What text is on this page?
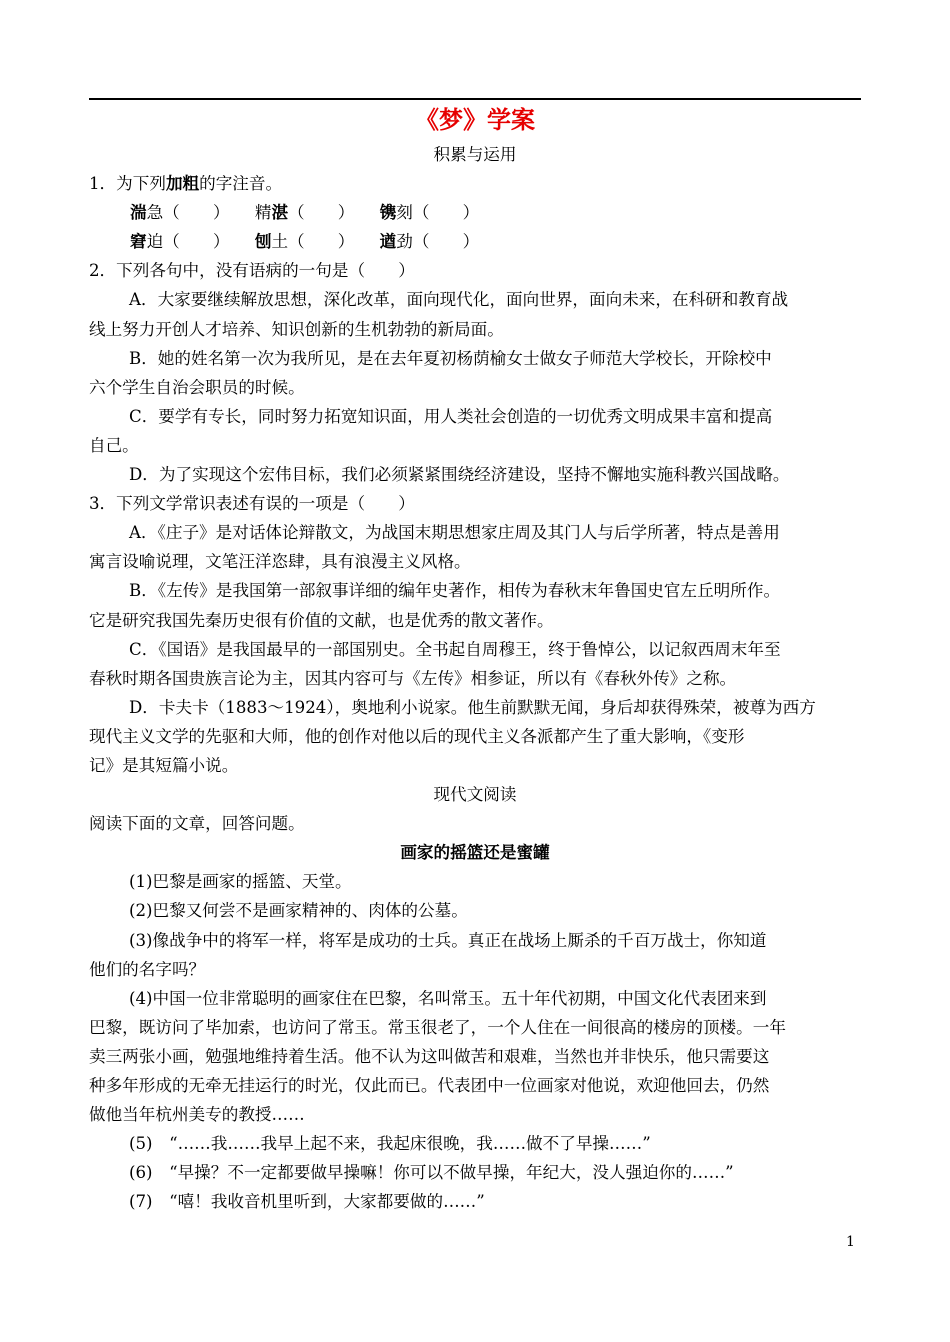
《梦》学案
积累与运用
1．为下列加粗的字注音。
湍急（　　） 精湛（　　） 镌刻（　　）
窘迫（　　） 刨土（　　） 遒劲（　　）
2．下列各句中，没有语病的一句是（　　）
A．大家要继续解放思想，深化改革，面向现代化，面向世界，面向未来，在科研和教育战
线上努力开创人才培养、知识创新的生机勃勃的新局面。
B．她的姓名第一次为我所见，是在去年夏初杨荫榆女士做女子师范大学校长，开除校中
六个学生自治会职员的时候。
C．要学有专长，同时努力拓宽知识面，用人类社会创造的一切优秀文明成果丰富和提高
自己。
D．为了实现这个宏伟目标，我们必须紧紧围绕经济建设，坚持不懈地实施科教兴国战略。
3．下列文学常识表述有误的一项是（　　）
A．《庄子》是对话体论辩散文，为战国末期思想家庄周及其门人与后学所著，特点是善用
寓言设喻说理，文笔汪洋恣肆，具有浪漫主义风格。
B．《左传》是我国第一部叙事详细的编年史著作，相传为春秋末年鲁国史官左丘明所作。
它是研究我国先秦历史很有价值的文献，也是优秀的散文著作。
C．《国语》是我国最早的一部国别史。全书起自周穆王，终于鲁悼公，以记叙西周末年至
春秋时期各国贵族言论为主，因其内容可与《左传》相参证，所以有《春秋外传》之称。
D．卡夫卡（1883～1924），奥地利小说家。他生前默默无闻，身后却获得殊荣，被尊为西方
现代主义文学的先驱和大师，他的创作对他以后的现代主义各派都产生了重大影响，《变形
记》是其短篇小说。
现代文阅读
阅读下面的文章，回答问题。
画家的摇篮还是蜜罐
(1)巴黎是画家的摇篮、天堂。
(2)巴黎又何尝不是画家精神的、肉体的公墓。
(3)像战争中的将军一样，将军是成功的士兵。真正在战场上厮杀的千百万战士，你知道
他们的名字吗？
(4)中国一位非常聪明的画家住在巴黎，名叫常玉。五十年代初期，中国文化代表团来到
巴黎，既访问了毕加索，也访问了常玉。常玉很老了，一个人住在一间很高的楼房的顶楼。一年
卖三两张小画，勉强地维持着生活。他不认为这叫做苦和艰难，当然也并非快乐，他只需要这
种多年形成的无牵无挂运行的时光，仅此而已。代表团中一位画家对他说，欢迎他回去，仍然
做他当年杭州美专的教授……
(5)　“……我……我早上起不来，我起床很晚，我……做不了早操……”
(6)　“早操？不一定都要做早操嘛！你可以不做早操，年纪大，没人强迫你的……”
(7)　“嘻！我收音机里听到，大家都要做的……”
1
